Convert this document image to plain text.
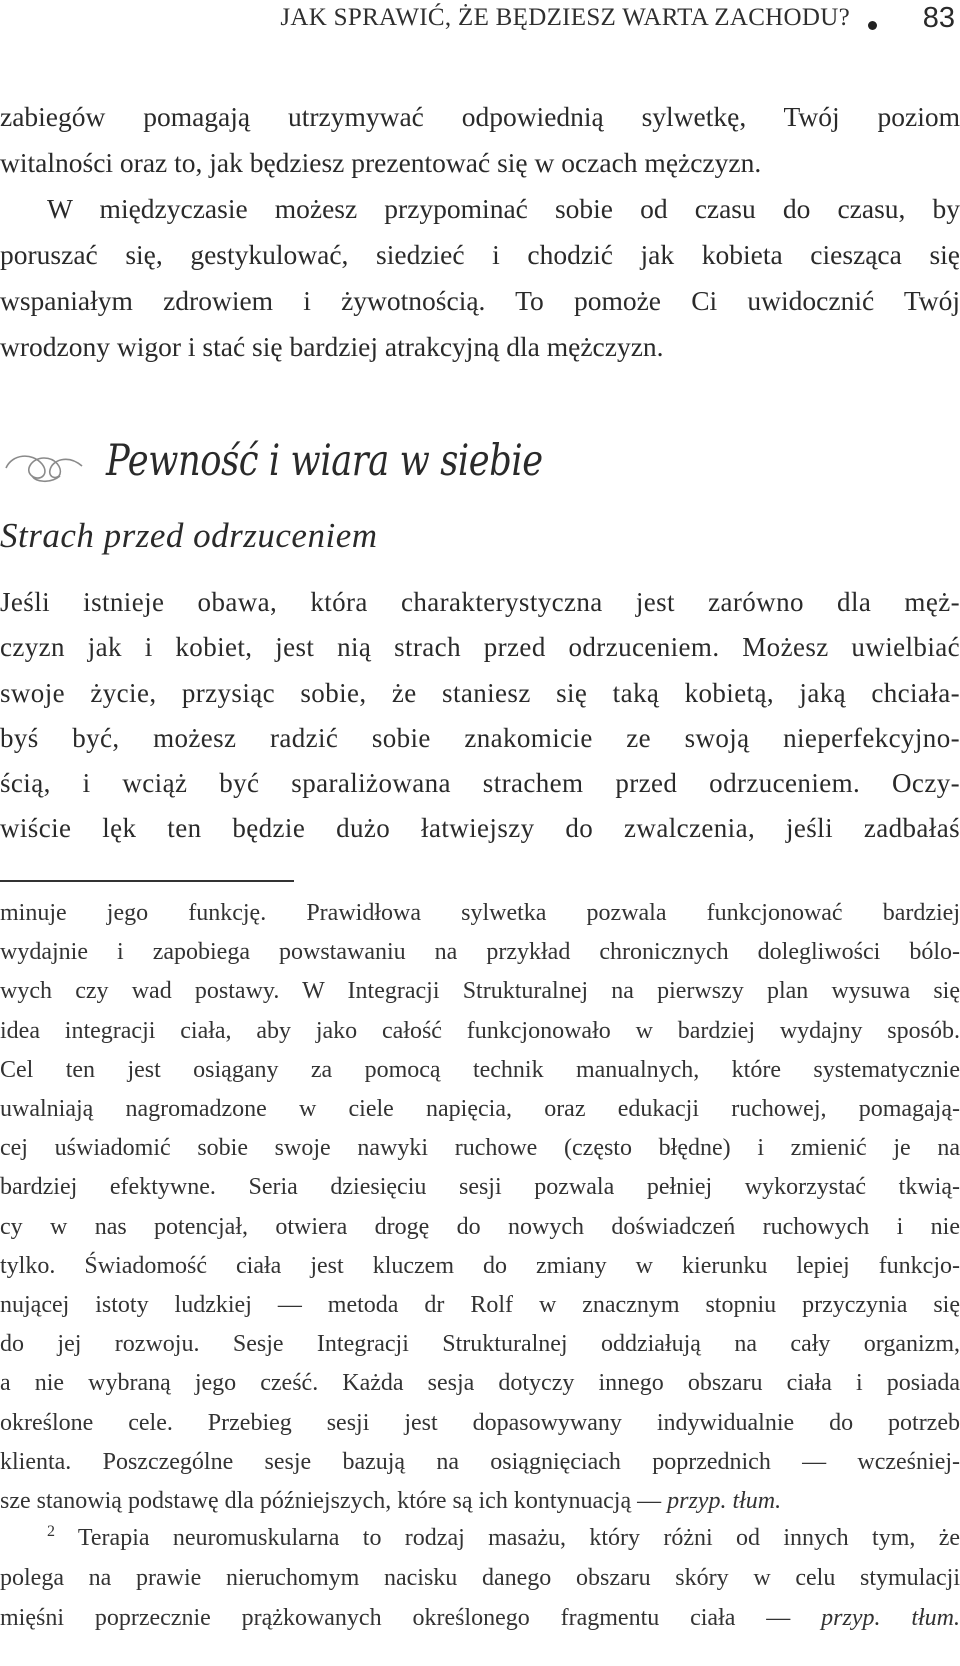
JAK SPRAWIĆ, ŻE BĘDZIESZ WARTA ZACHODU?	83
zabiegów pomagają utrzymywać odpowiednią sylwetkę, Twój poziom
witalności oraz to, jak będziesz prezentować się w oczach mężczyzn.
W międzyczasie możesz przypominać sobie od czasu do czasu, by
poruszać się, gestykulować, siedzieć i chodzić jak kobieta ciesząca się
wspaniałym zdrowiem i żywotnością. To pomoże Ci uwidocznić Twój
wrodzony wigor i stać się bardziej atrakcyjną dla mężczyzn.
Pewność i wiara w siebie
Strach przed odrzuceniem
Jeśli istnieje obawa, która charakterystyczna jest zarówno dla męż-
czyzn jak i kobiet, jest nią strach przed odrzuceniem. Możesz uwielbiać
swoje życie, przysiąc sobie, że staniesz się taką kobietą, jaką chciała-
byś być, możesz radzić sobie znakomicie ze swoją nieperfekcyjno-
ścią, i wciąż być sparaliżowana strachem przed odrzuceniem. Oczy-
wiście lęk ten będzie dużo łatwiejszy do zwalczenia, jeśli zadbałaś
minuje jego funkcję. Prawidłowa sylwetka pozwala funkcjonować bardziej
wydajnie i zapobiega powstawaniu na przykład chronicznych dolegliwości bólo-
wych czy wad postawy. W Integracji Strukturalnej na pierwszy plan wysuwa się
idea integracji ciała, aby jako całość funkcjonowało w bardziej wydajny sposób.
Cel ten jest osiągany za pomocą technik manualnych, które systematycznie
uwalniają nagromadzone w ciele napięcia, oraz edukacji ruchowej, pomagają-
cej uświadomić sobie swoje nawyki ruchowe (często błędne) i zmienić je na
bardziej efektywne. Seria dziesięciu sesji pozwala pełniej wykorzystać tkwią-
cy w nas potencjał, otwiera drogę do nowych doświadczeń ruchowych i nie
tylko. Świadomość ciała jest kluczem do zmiany w kierunku lepiej funkcjo-
nującej istoty ludzkiej — metoda dr Rolf w znacznym stopniu przyczynia się
do jej rozwoju. Sesje Integracji Strukturalnej oddziałują na cały organizm,
a nie wybraną jego cześć. Każda sesja dotyczy innego obszaru ciała i posiada
określone cele. Przebieg sesji jest dopasowywany indywidualnie do potrzeb
klienta. Poszczególne sesje bazują na osiągnięciach poprzednich — wcześniej-
sze stanowią podstawę dla późniejszych, które są ich kontynuacją — przyp. tłum.
$^2$ Terapia neuromuskularna to rodzaj masażu, który różni od innych tym, że
polega na prawie nieruchomym nacisku danego obszaru skóry w celu stymulacji
mięśni poprzecznie prążkowanych określonego fragmentu ciała — przyp. tłum.
